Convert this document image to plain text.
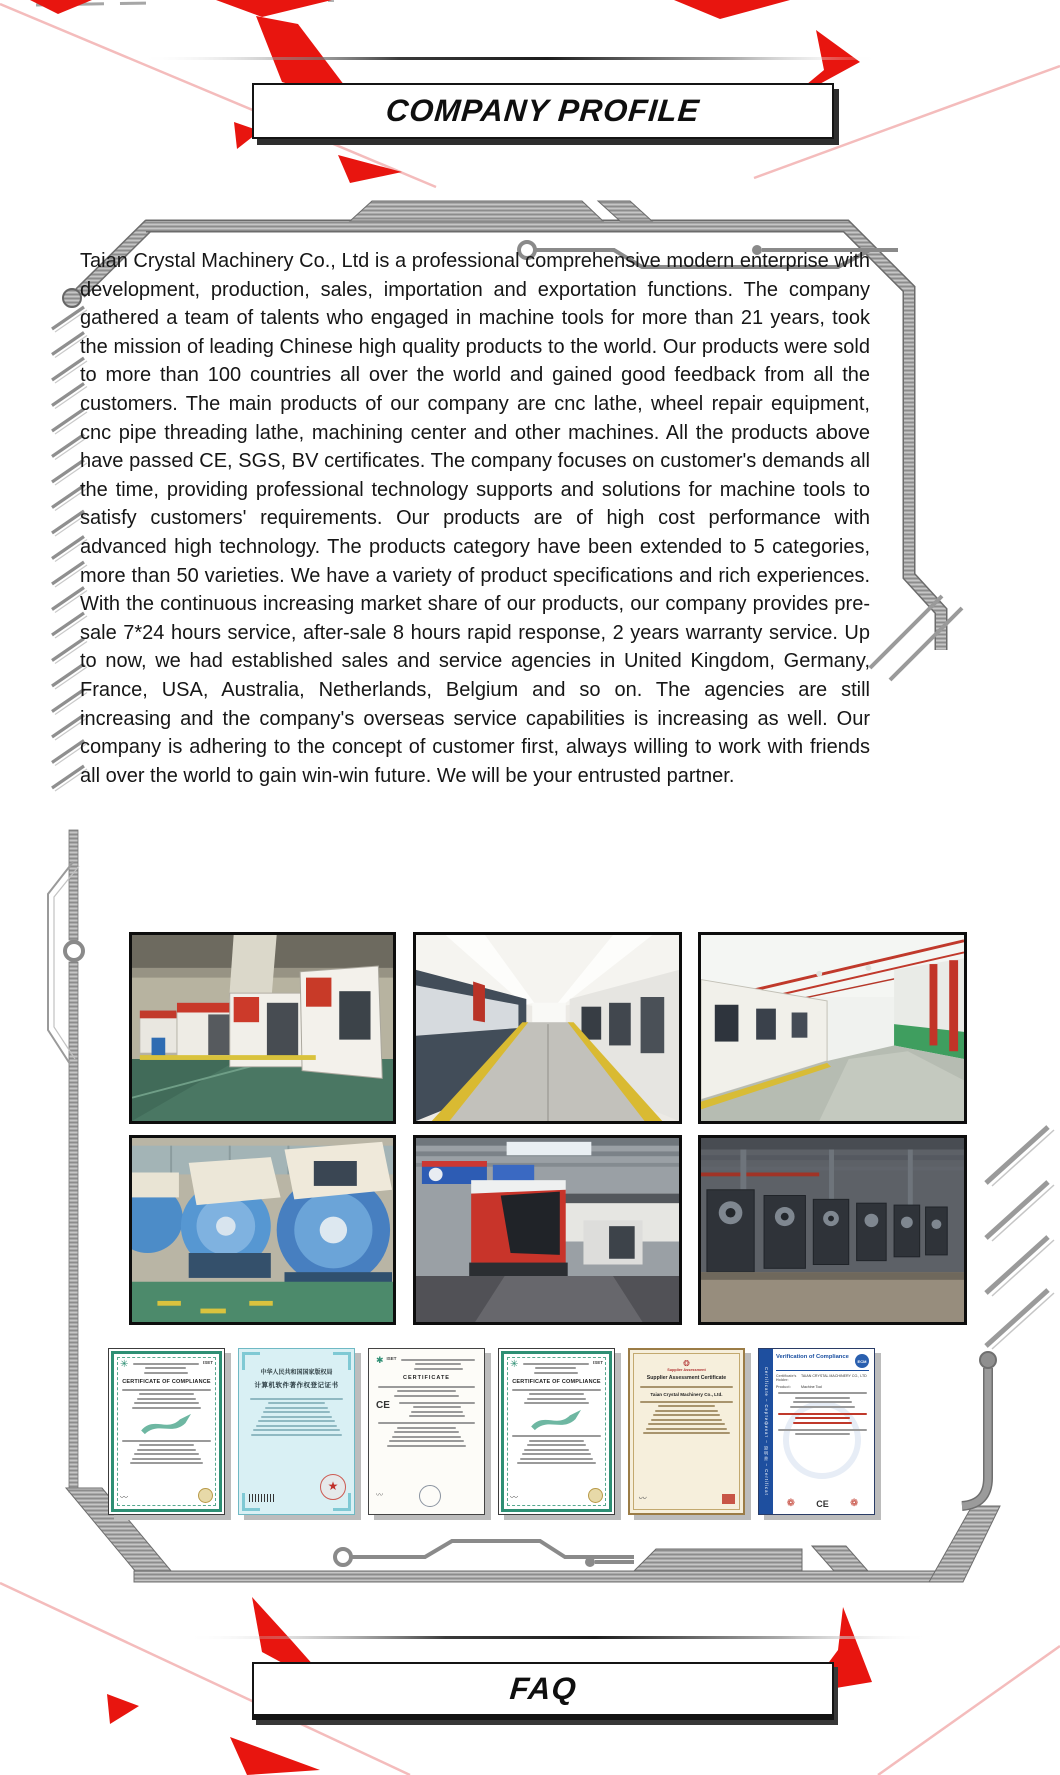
COMPANY PROFILE

Taian Crystal Machinery Co., Ltd is a professional comprehensive modern enterprise with development, production, sales, importation and exportation functions. The company gathered a team of talents who engaged in machine tools for more than 21 years, took the mission of leading Chinese high quality products to the world. Our products were sold to more than 100 countries all over the world and gained good feedback from all the customers. The main products of our company are cnc lathe, wheel repair equipment, cnc pipe threading lathe, machining center and other machines. All the products above have passed CE, SGS, BV certificates. The company focuses on customer's demands all the time, providing professional technology supports and solutions for machine tools to satisfy customers' requirements. Our products are of high cost performance with advanced high technology. The products category have been extended to 5 categories, more than 50 varieties. We have a variety of product specifications and rich experiences. With the continuous increasing market share of our products, our company provides pre-sale 7*24 hours service, after-sale 8 hours rapid response, 2 years warranty service. Up to now, we had established sales and service agencies in United Kingdom, Germany, France, USA, Australia, Netherlands, Belgium and so on. The agencies are still increasing and the company's overseas service capabilities is increasing as well. Our company is adhering to the concept of customer first, always willing to work with friends all over the world to gain win-win future. We will be your entrusted partner.

✳	ISET
CERTIFICATE OF COMPLIANCE
〰︎
中华人民共和国国家版权局
计算机软件著作权登记证书
★
✱ ISET
CERTIFICATE
CE
〰︎
✳	ISET
CERTIFICATE OF COMPLIANCE
〰︎
❂
Supplier Assessment
Supplier Assessment Certificate
Taian Crystal Machinery Co., Ltd.
〰︎
Certificate – Сертификат – 證明書 – Certificat
Verification of Compliance
ECM
Certificate's Holder:
TAIAN CRYSTAL MACHINERY CO., LTD
Product:	Machine Tool
❁ CE ❁
FAQ
